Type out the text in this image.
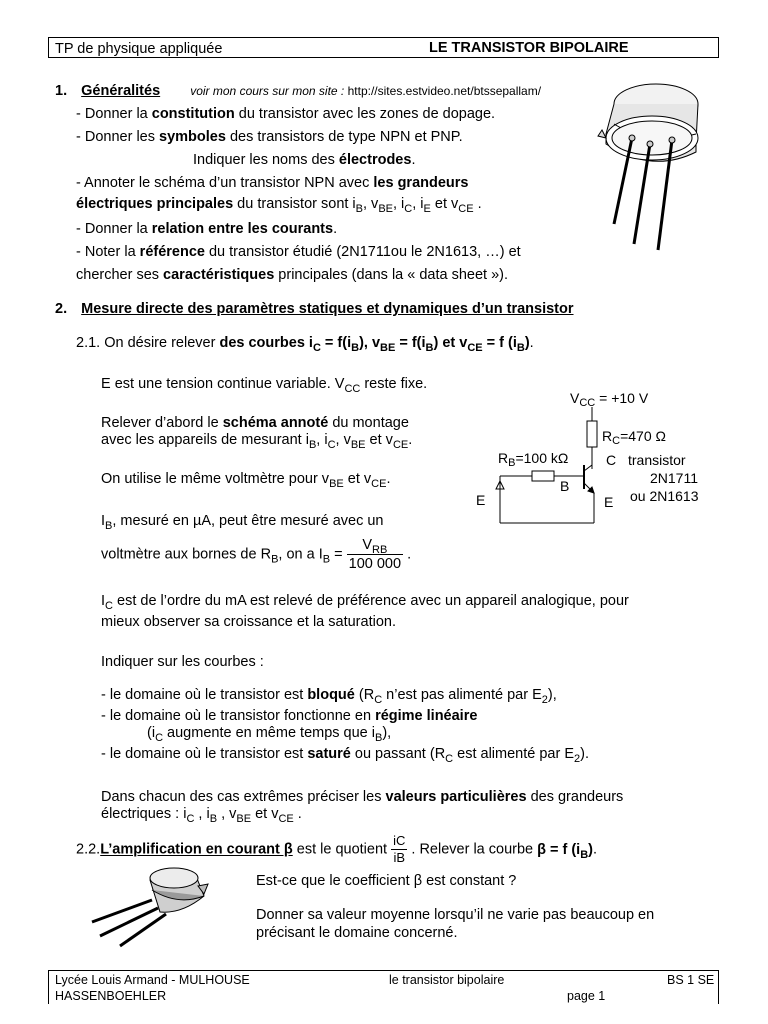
TP de physique appliquée	LE TRANSISTOR BIPOLAIRE
1. Généralités	voir mon cours sur mon site : http://sites.estvideo.net/btssepallam/
- Donner la constitution du transistor avec les zones de dopage.
- Donner les symboles des transistors de type NPN et PNP.
Indiquer les noms des électrodes.
- Annoter le schéma d’un transistor NPN avec les grandeurs
électriques principales du transistor sont $i_B$, $v_{BE}$, $i_C$, $i_E$ et $v_{CE}$ .
- Donner la relation entre les courants.
- Noter la référence du transistor étudié (2N1711ou le 2N1613, …) et
chercher ses caractéristiques principales (dans la « data sheet »).
2. Mesure directe des paramètres statiques et dynamiques d’un transistor
2.1. On désire relever des courbes $i_C = f(i_B)$, $v_{BE} = f(i_B)$ et $v_{CE} = f$ $(i_B)$.
E est une tension continue variable. $V_{CC}$ reste fixe.
Relever d’abord le schéma annoté du montage
avec les appareils de mesurant $i_B$, $i_C$, $v_{BE}$ et $v_{CE}$.
On utilise le même voltmètre pour $v_{BE}$ et $v_{CE}$.
$I_B$, mesuré en µA, peut être mesuré avec un
voltmètre aux bornes de $R_B$, on a $I_B = \frac{V_{RB}}{100 000}$ .
$I_C$ est de l’ordre du mA est relevé de préférence avec un appareil analogique, pour
mieux observer sa croissance et la saturation.
Indiquer sur les courbes :
- le domaine où le transistor est bloqué ($R_C$ n’est pas alimenté par $E_2$),
- le domaine où le transistor fonctionne en régime linéaire
($i_C$ augmente en même temps que $i_B$),
- le domaine où le transistor est saturé ou passant ($R_C$ est alimenté par $E_2$).
Dans chacun des cas extrêmes préciser les valeurs particulières des grandeurs
électriques : $i_C$ , $i_B$ , $v_{BE}$ et $v_{CE}$ .
2.2.L’amplification en courant β est le quotient $\frac{iC}{iB}$ . Relever la courbe β = f $(i_B)$.
Est-ce que le coefficient β est constant ?
Donner sa valeur moyenne lorsqu’il ne varie pas beaucoup en
précisant le domaine concerné.
$V_{CC} = +10$ V
$R_C=470$ Ω
$R_B=100$ kΩ	C
B
E
E
transistor
2N1711
ou 2N1613
Lycée Louis Armand - MULHOUSE
HASSENBOEHLER
le transistor bipolaire	BS 1 SE
page 1
